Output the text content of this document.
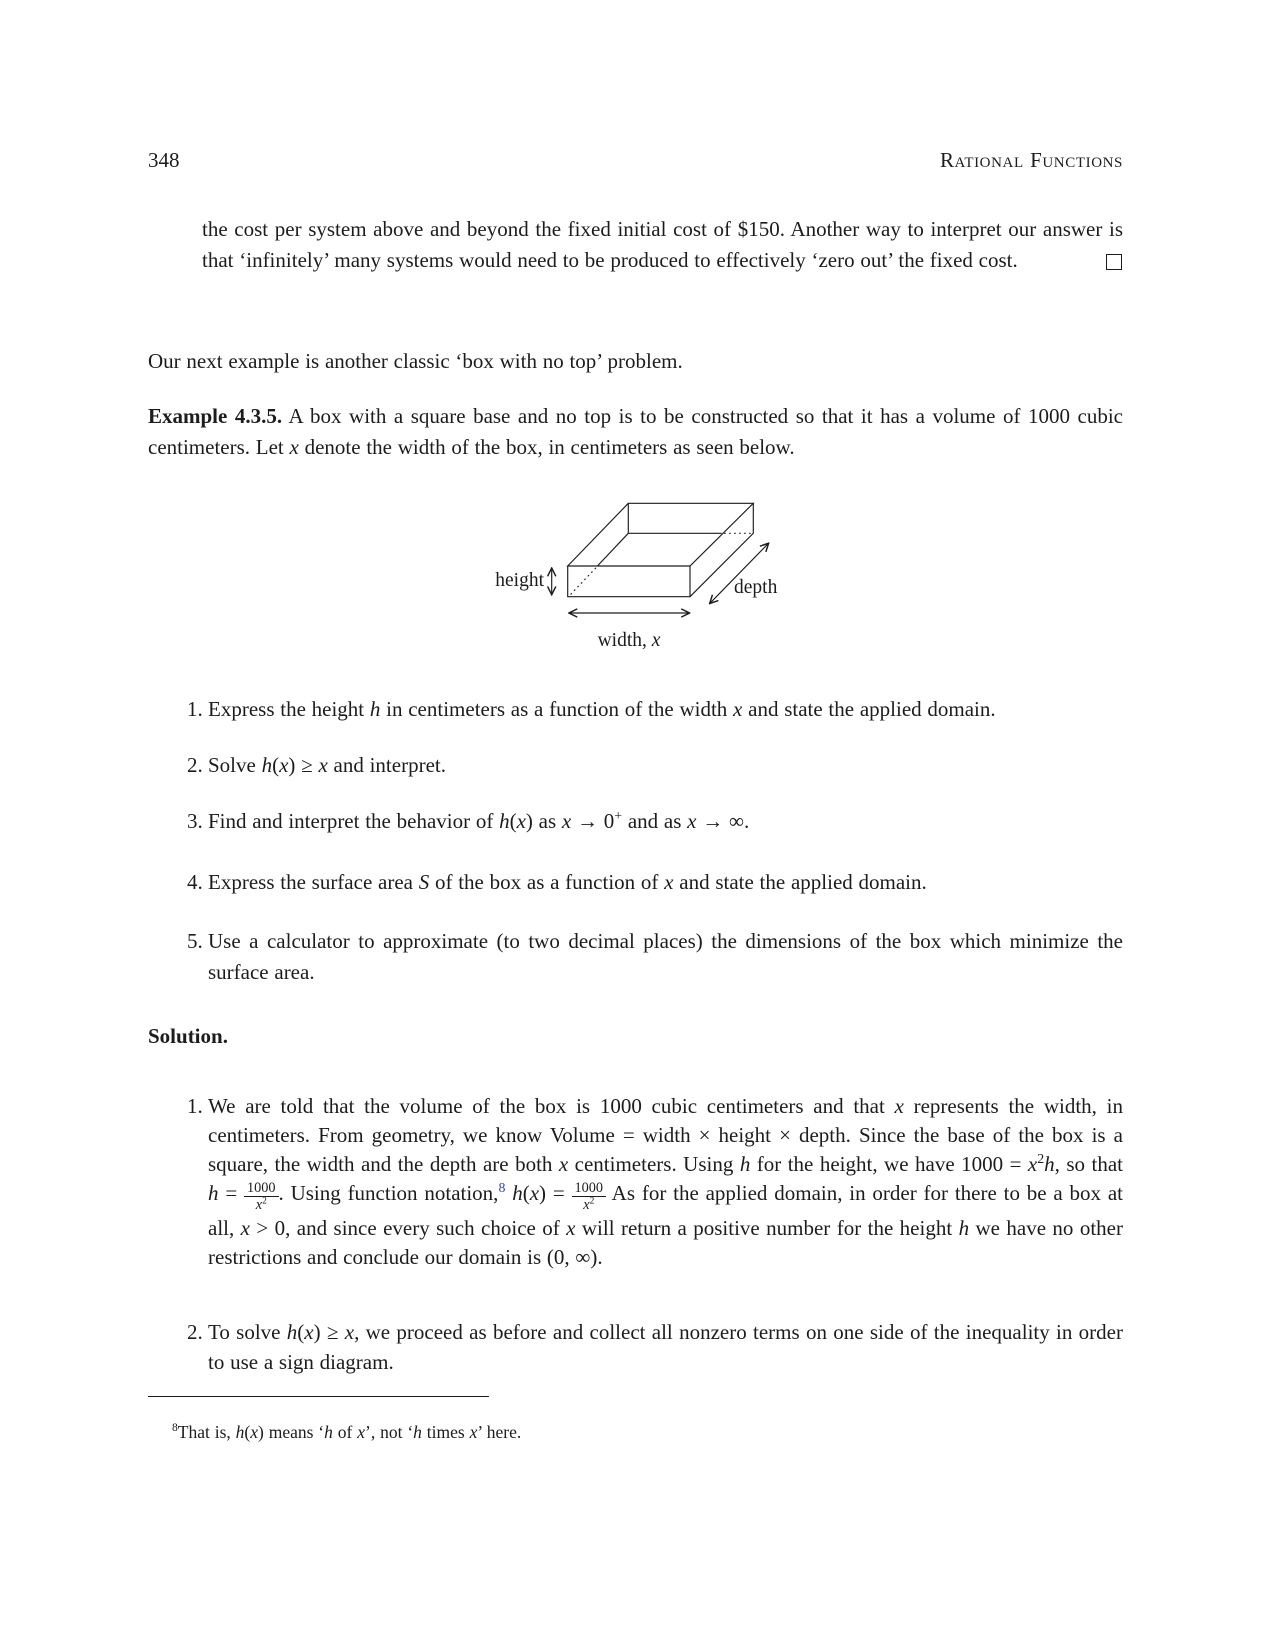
348	Rational Functions

the cost per system above and beyond the fixed initial cost of $150. Another way to interpret our answer is that ‘infinitely’ many systems would need to be produced to effectively ‘zero out’ the fixed cost.

Our next example is another classic ‘box with no top’ problem.

Example 4.3.5. A box with a square base and no top is to be constructed so that it has a volume of 1000 cubic centimeters. Let x denote the width of the box, in centimeters as seen below.

1. Express the height h in centimeters as a function of the width x and state the applied domain.
2. Solve h(x) ≥ x and interpret.
3. Find and interpret the behavior of h(x) as x → 0+ and as x → ∞.
4. Express the surface area S of the box as a function of x and state the applied domain.
5. Use a calculator to approximate (to two decimal places) the dimensions of the box which minimize the surface area.

Solution.

1. We are told that the volume of the box is 1000 cubic centimeters and that x represents the width, in centimeters. From geometry, we know Volume = width × height × depth. Since the base of the box is a square, the width and the depth are both x centimeters. Using h for the height, we have $1000 = x^2h$, so that $h = \frac{1000}{x^2}$ . Using function notation,$^8$ $h(x) = \frac{1000}{x^2}$ As for the applied domain, in order for there to be a box at all, x > 0, and since every such choice of x will return a positive number for the height h we have no other restrictions and conclude our domain is (0, ∞).
2. To solve h(x) ≥ x, we proceed as before and collect all nonzero terms on one side of the inequality in order to use a sign diagram.
height	depth
width, x

$^8$That is, h(x) means ‘h of x’, not ‘h times x’ here.
